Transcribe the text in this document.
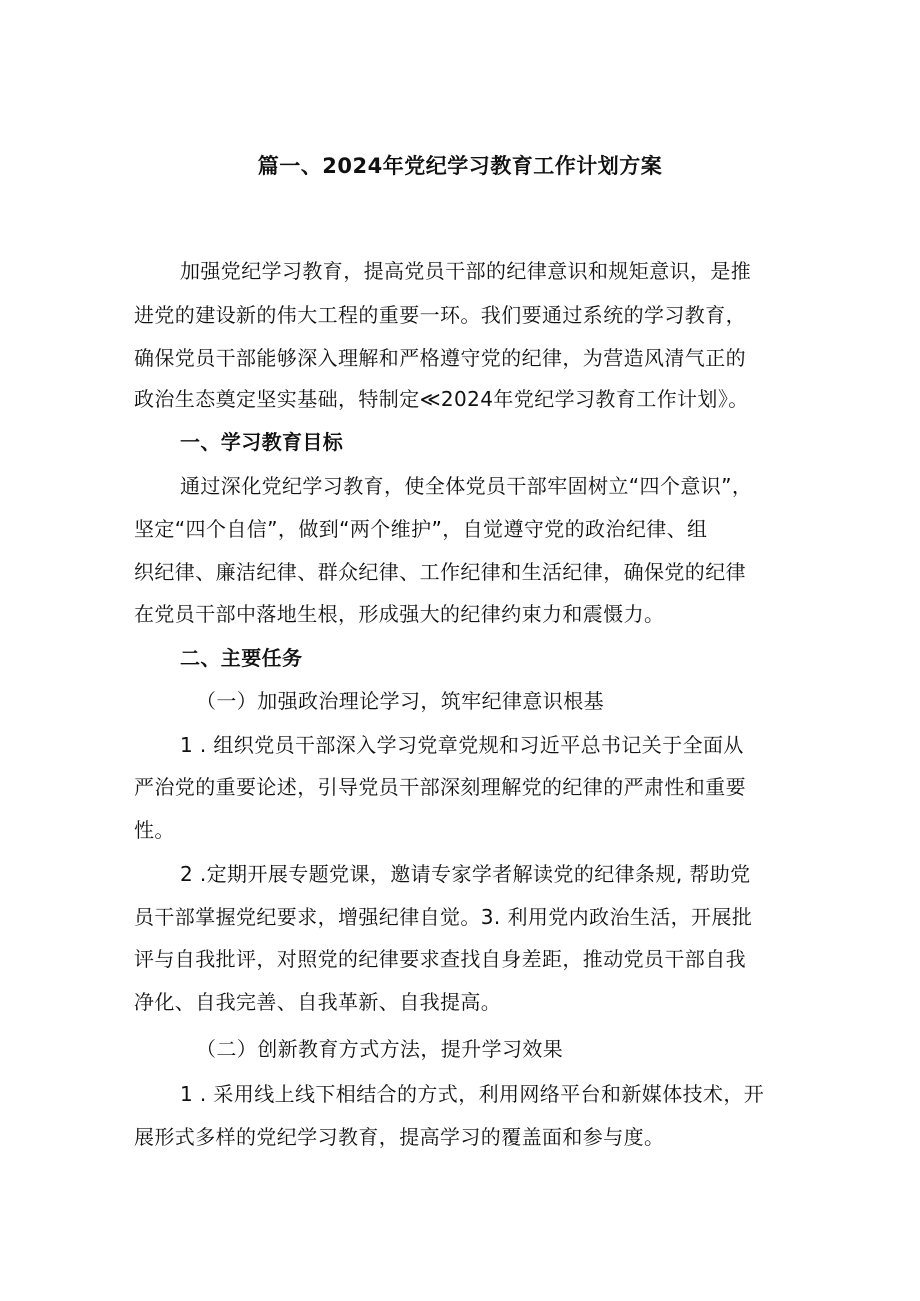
篇一、2024年党纪学习教育工作计划方案
加强党纪学习教育，提高党员干部的纪律意识和规矩意识，是推
进党的建设新的伟大工程的重要一环。我们要通过系统的学习教育，
确保党员干部能够深入理解和严格遵守党的纪律，为营造风清气正的
政治生态奠定坚实基础，特制定≪2024年党纪学习教育工作计划》。
一、学习教育目标
通过深化党纪学习教育，使全体党员干部牢固树立“四个意识”，
坚定“四个自信”，做到“两个维护”，自觉遵守党的政治纪律、组
织纪律、廉洁纪律、群众纪律、工作纪律和生活纪律，确保党的纪律
在党员干部中落地生根，形成强大的纪律约束力和震慑力。
二、主要任务
（一）加强政治理论学习，筑牢纪律意识根基
1 . 组织党员干部深入学习党章党规和习近平总书记关于全面从
严治党的重要论述，引导党员干部深刻理解党的纪律的严肃性和重要
性。
2 .定期开展专题党课，邀请专家学者解读党的纪律条规, 帮助党
员干部掌握党纪要求，增强纪律自觉。3. 利用党内政治生活，开展批
评与自我批评，对照党的纪律要求查找自身差距，推动党员干部自我
净化、自我完善、自我革新、自我提高。
（二）创新教育方式方法，提升学习效果
1 . 采用线上线下相结合的方式，利用网络平台和新媒体技术，开
展形式多样的党纪学习教育，提高学习的覆盖面和参与度。
